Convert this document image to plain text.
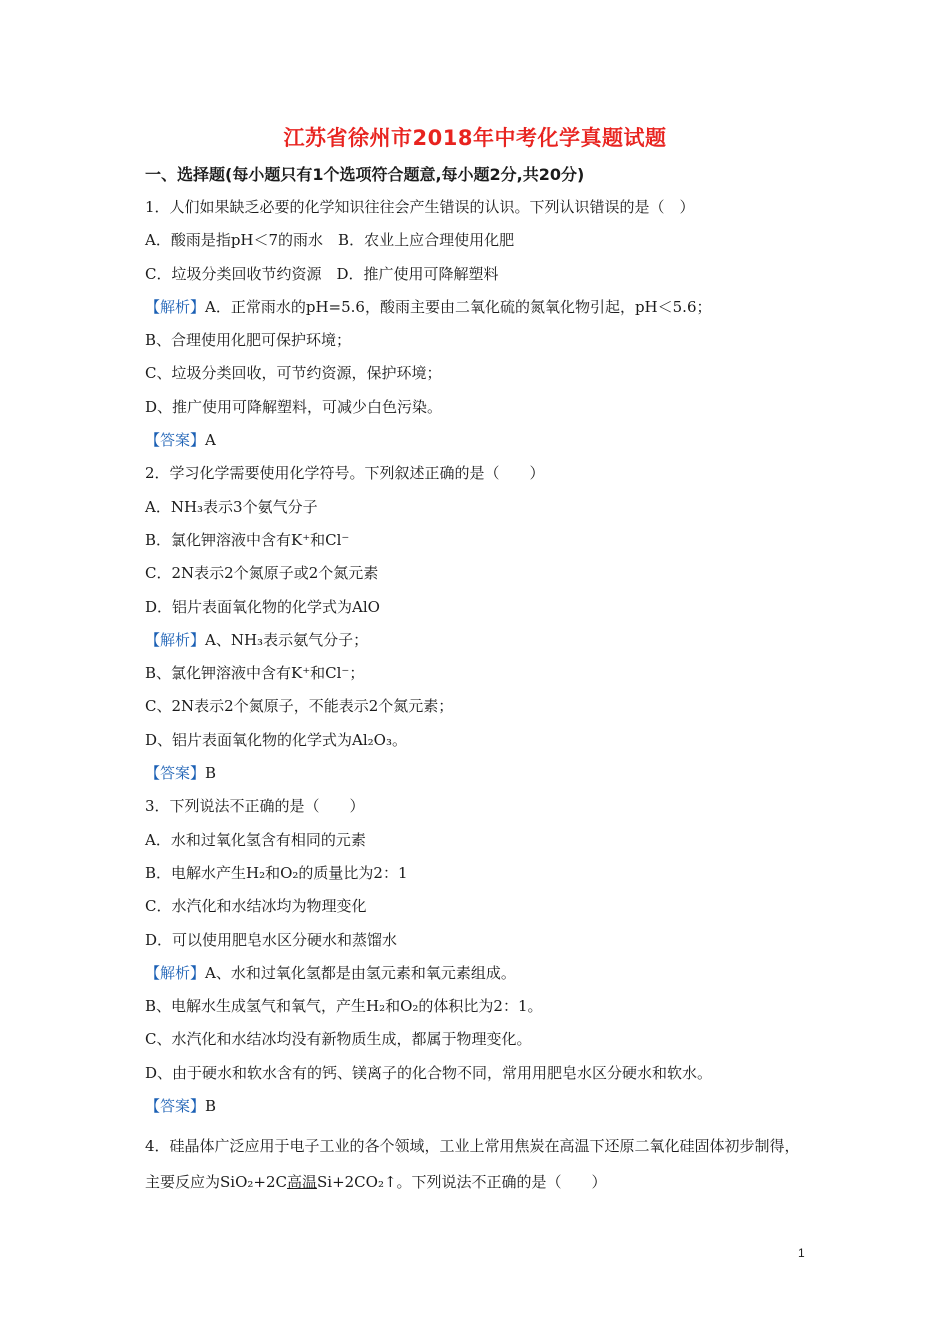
江苏省徐州市2018年中考化学真题试题
一、选择题(每小题只有1个选项符合题意,每小题2分,共20分)
1．人们如果缺乏必要的化学知识往往会产生错误的认识。下列认识错误的是（　）
A．酸雨是指pH＜7的雨水　B．农业上应合理使用化肥
C．垃圾分类回收节约资源　D．推广使用可降解塑料
【解析】A．正常雨水的pH=5.6，酸雨主要由二氧化硫的氮氧化物引起，pH＜5.6；
B、合理使用化肥可保护环境；
C、垃圾分类回收，可节约资源，保护环境；
D、推广使用可降解塑料，可减少白色污染。
【答案】A
2．学习化学需要使用化学符号。下列叙述正确的是（　　）
A．NH₃表示3个氨气分子
B．氯化钾溶液中含有K⁺和Cl⁻
C．2N表示2个氮原子或2个氮元素
D．铝片表面氧化物的化学式为AlO
【解析】A、NH₃表示氨气分子；
B、氯化钾溶液中含有K⁺和Cl⁻；
C、2N表示2个氮原子，不能表示2个氮元素；
D、铝片表面氧化物的化学式为Al₂O₃。
【答案】B
3．下列说法不正确的是（　　）
A．水和过氧化氢含有相同的元素
B．电解水产生H₂和O₂的质量比为2：1
C．水汽化和水结冰均为物理变化
D．可以使用肥皂水区分硬水和蒸馏水
【解析】A、水和过氧化氢都是由氢元素和氧元素组成。
B、电解水生成氢气和氧气，产生H₂和O₂的体积比为2：1。
C、水汽化和水结冰均没有新物质生成，都属于物理变化。
D、由于硬水和软水含有的钙、镁离子的化合物不同，常用用肥皂水区分硬水和软水。
【答案】B
4．硅晶体广泛应用于电子工业的各个领域，工业上常用焦炭在高温下还原二氧化硅固体初步制得，主要反应为SiO₂+2C高温Si+2CO₂↑。下列说法不正确的是（　　）
1
